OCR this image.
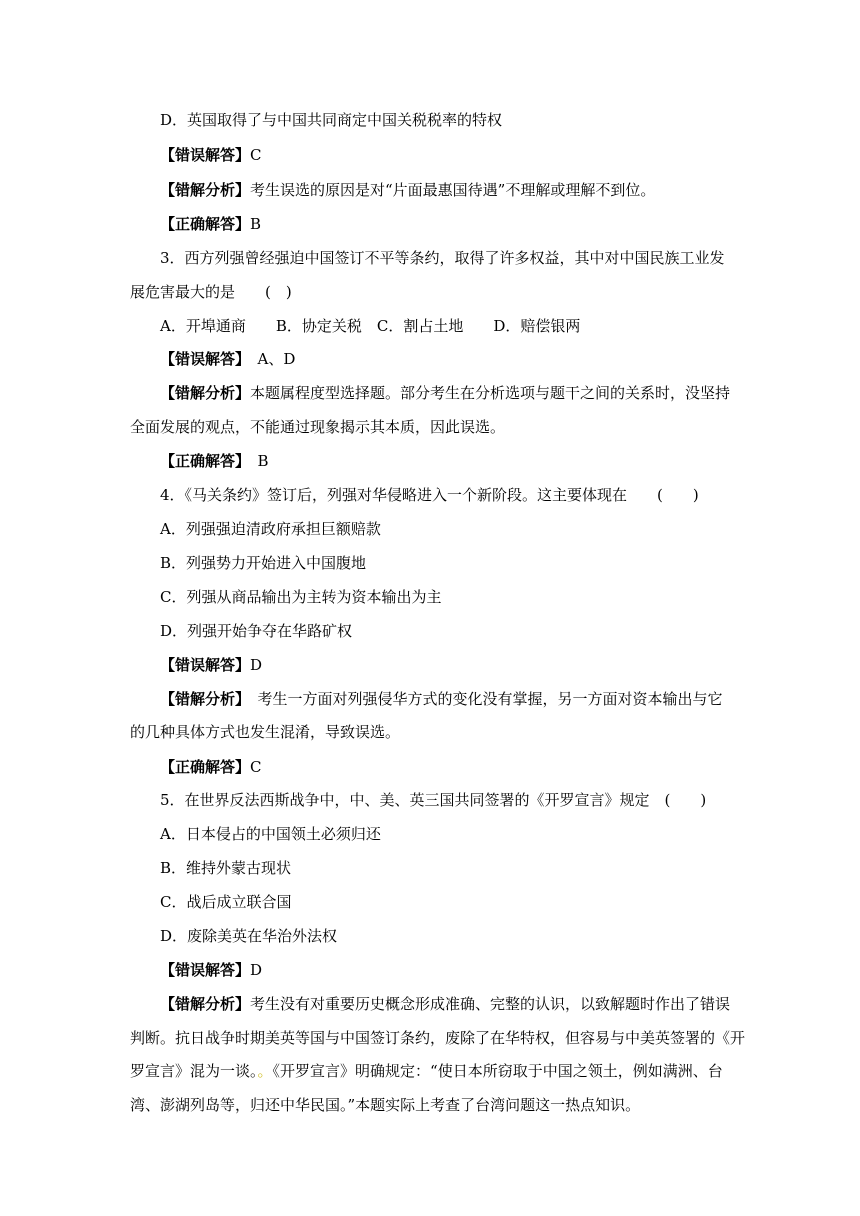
D．英国取得了与中国共同商定中国关税税率的特权
【错误解答】C
【错解分析】考生误选的原因是对“片面最惠国待遇”不理解或理解不到位。
【正确解答】B
3．西方列强曾经强迫中国签订不平等条约，取得了许多权益，其中对中国民族工业发
展危害最大的是　　(　)
A．开埠通商　　B．协定关税　C．割占土地　　D．赔偿银两
【错误解答】　A、D
【错解分析】本题属程度型选择题。部分考生在分析选项与题干之间的关系时，没坚持
全面发展的观点，不能通过现象揭示其本质，因此误选。
【正确解答】　B
4．《马关条约》签订后，列强对华侵略进入一个新阶段。这主要体现在　　(　　)
A．列强强迫清政府承担巨额赔款
B．列强势力开始进入中国腹地
C．列强从商品输出为主转为资本输出为主
D．列强开始争夺在华路矿权
【错误解答】D
【错解分析】　考生一方面对列强侵华方式的变化没有掌握，另一方面对资本输出与它
的几种具体方式也发生混淆，导致误选。
【正确解答】C
5．在世界反法西斯战争中，中、美、英三国共同签署的《开罗宣言》规定　(　　)
A．日本侵占的中国领土必须归还
B．维持外蒙古现状
C．战后成立联合国
D．废除美英在华治外法权
【错误解答】D
【错解分析】考生没有对重要历史概念形成准确、完整的认识，以致解题时作出了错误
判断。抗日战争时期美英等国与中国签订条约，废除了在华特权，但容易与中美英签署的《开
罗宣言》混为一谈。。《开罗宣言》明确规定：“使日本所窃取于中国之领土，例如满洲、台
湾、澎湖列岛等，归还中华民国。”本题实际上考查了台湾问题这一热点知识。
